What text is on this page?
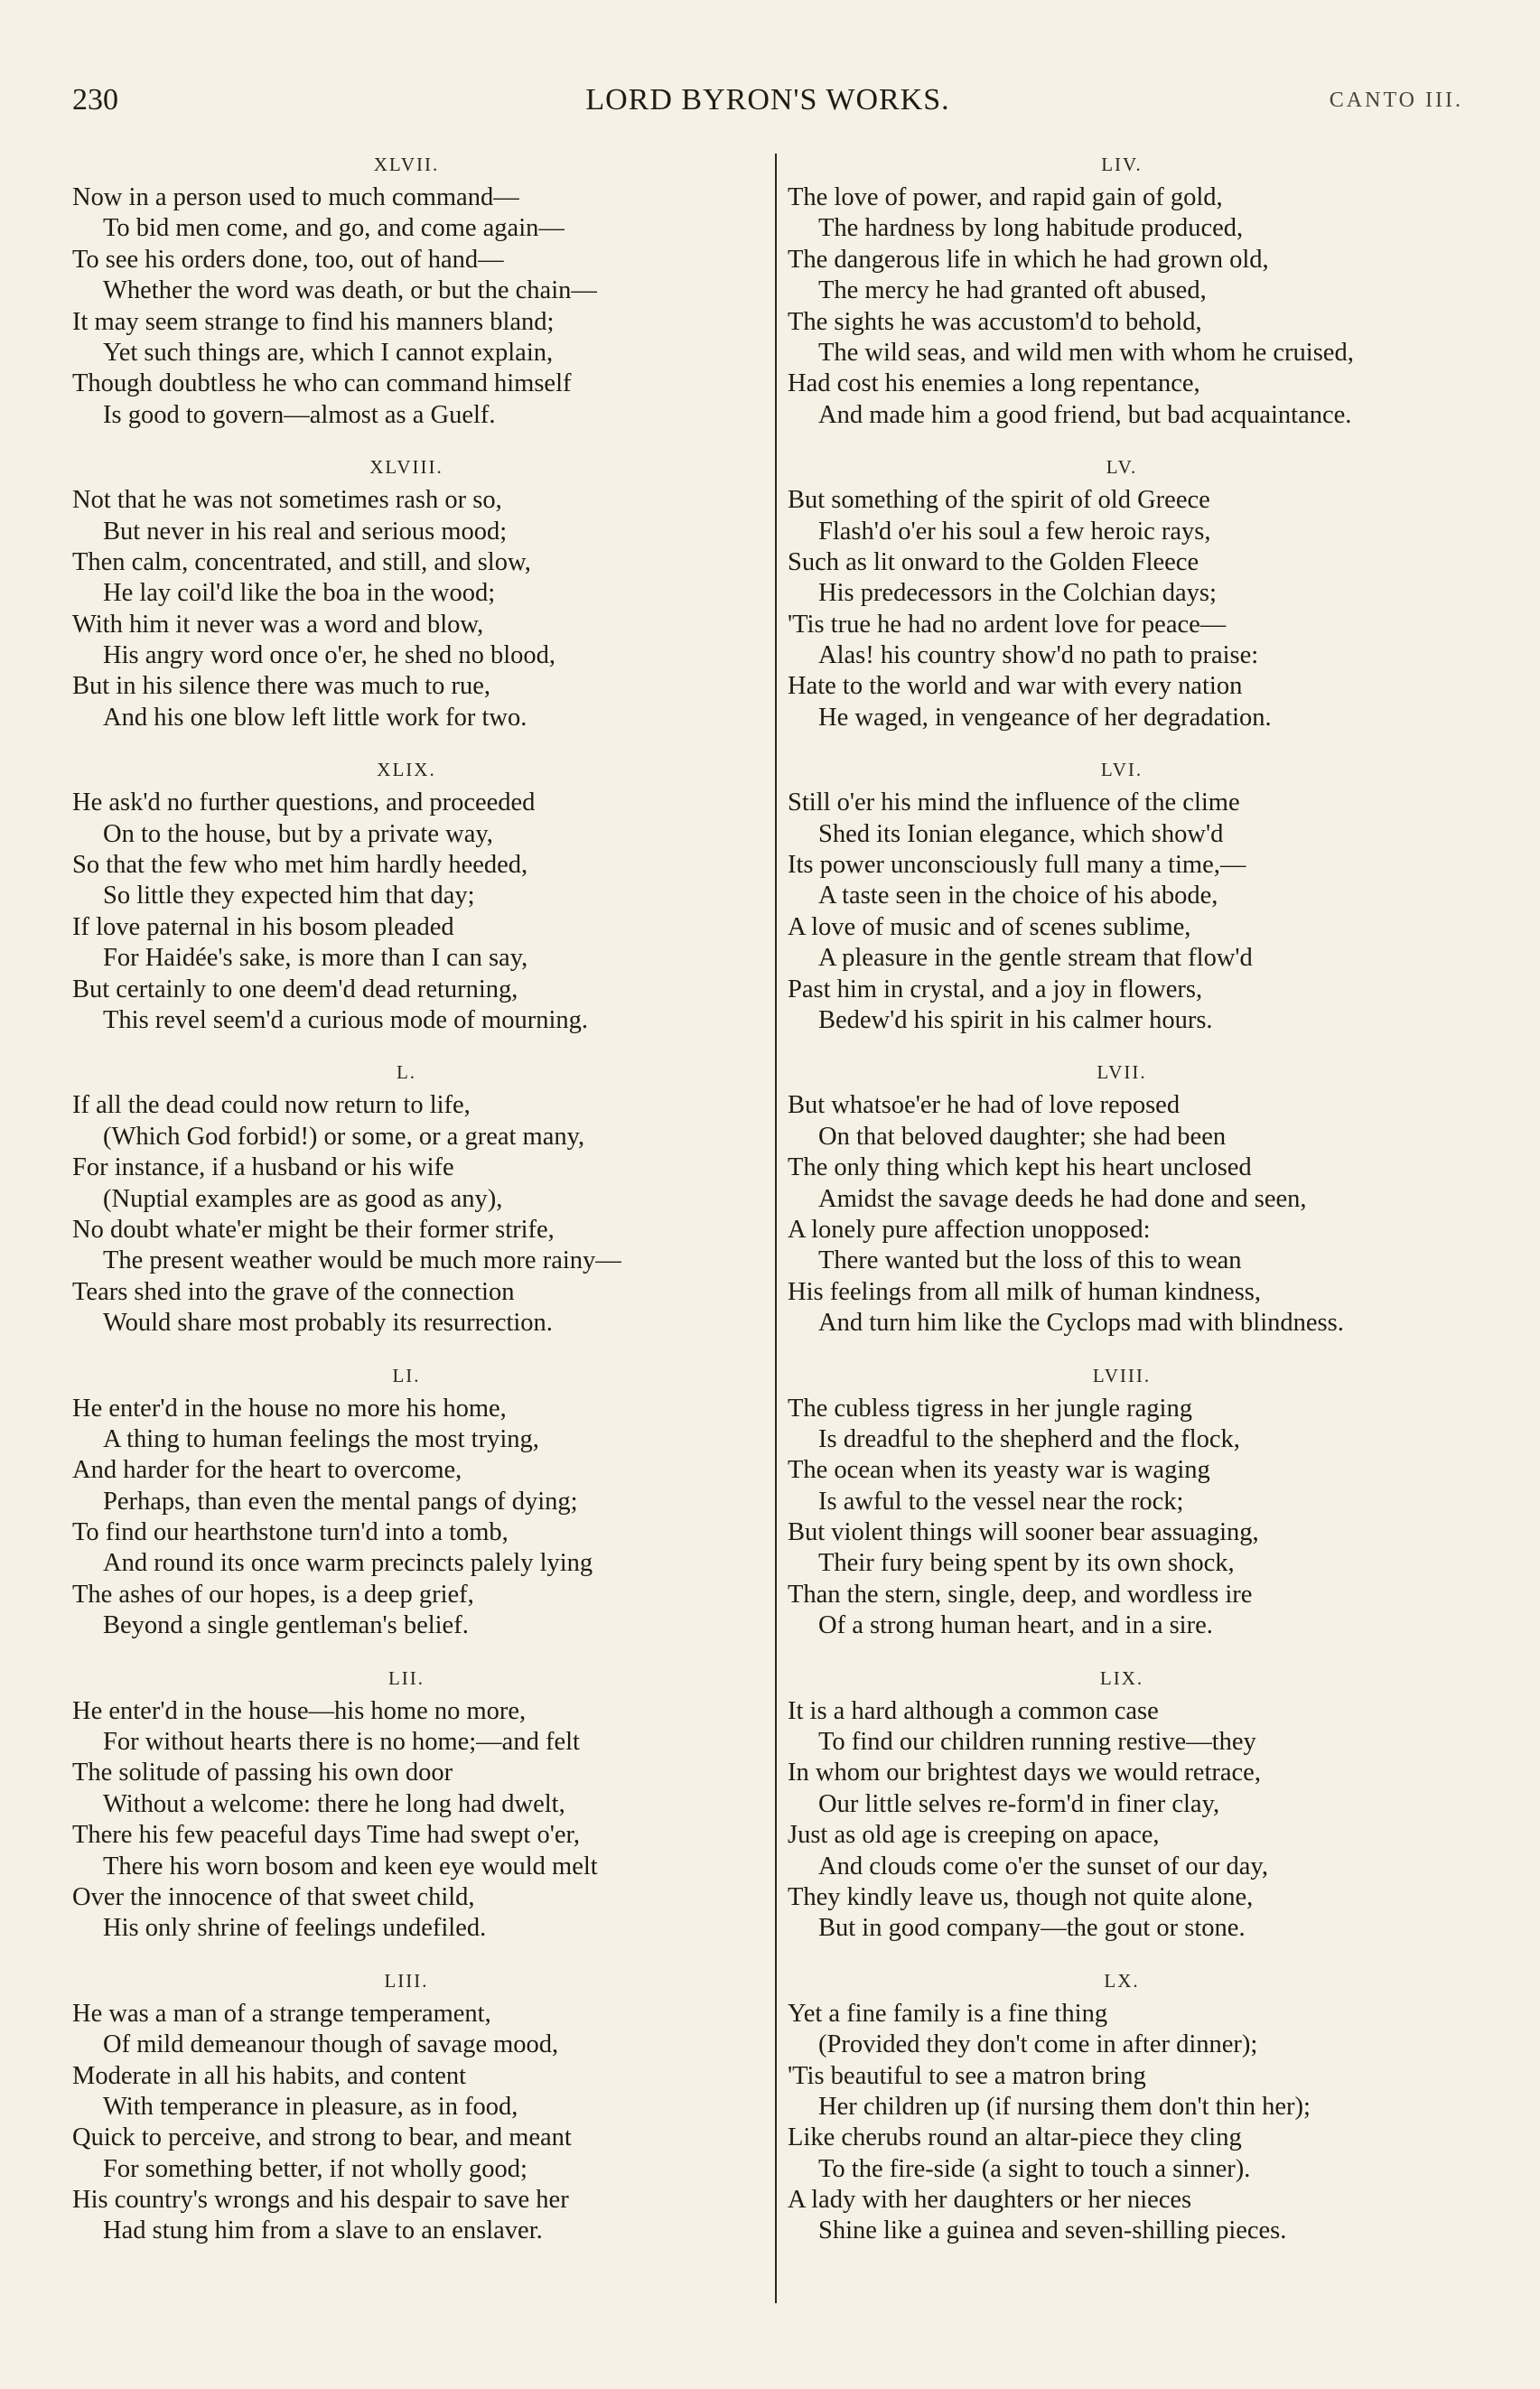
230	LORD BYRON'S WORKS.	CANTO III.
XLVII.
Now in a person used to much command—
To bid men come, and go, and come again—
To see his orders done, too, out of hand—
Whether the word was death, or but the chain—
It may seem strange to find his manners bland;
Yet such things are, which I cannot explain,
Though doubtless he who can command himself
Is good to govern—almost as a Guelf.
XLVIII.
Not that he was not sometimes rash or so,
But never in his real and serious mood;
Then calm, concentrated, and still, and slow,
He lay coil'd like the boa in the wood;
With him it never was a word and blow,
His angry word once o'er, he shed no blood,
But in his silence there was much to rue,
And his one blow left little work for two.
XLIX.
He ask'd no further questions, and proceeded
On to the house, but by a private way,
So that the few who met him hardly heeded,
So little they expected him that day;
If love paternal in his bosom pleaded
For Haidée's sake, is more than I can say,
But certainly to one deem'd dead returning,
This revel seem'd a curious mode of mourning.
L.
If all the dead could now return to life,
(Which God forbid!) or some, or a great many,
For instance, if a husband or his wife
(Nuptial examples are as good as any),
No doubt whate'er might be their former strife,
The present weather would be much more rainy—
Tears shed into the grave of the connection
Would share most probably its resurrection.
LI.
He enter'd in the house no more his home,
A thing to human feelings the most trying,
And harder for the heart to overcome,
Perhaps, than even the mental pangs of dying;
To find our hearthstone turn'd into a tomb,
And round its once warm precincts palely lying
The ashes of our hopes, is a deep grief,
Beyond a single gentleman's belief.
LII.
He enter'd in the house—his home no more,
For without hearts there is no home;—and felt
The solitude of passing his own door
Without a welcome: there he long had dwelt,
There his few peaceful days Time had swept o'er,
There his worn bosom and keen eye would melt
Over the innocence of that sweet child,
His only shrine of feelings undefiled.
LIII.
He was a man of a strange temperament,
Of mild demeanour though of savage mood,
Moderate in all his habits, and content
With temperance in pleasure, as in food,
Quick to perceive, and strong to bear, and meant
For something better, if not wholly good;
His country's wrongs and his despair to save her
Had stung him from a slave to an enslaver.
LIV.
The love of power, and rapid gain of gold,
The hardness by long habitude produced,
The dangerous life in which he had grown old,
The mercy he had granted oft abused,
The sights he was accustom'd to behold,
The wild seas, and wild men with whom he cruised,
Had cost his enemies a long repentance,
And made him a good friend, but bad acquaintance.
LV.
But something of the spirit of old Greece
Flash'd o'er his soul a few heroic rays,
Such as lit onward to the Golden Fleece
His predecessors in the Colchian days;
'Tis true he had no ardent love for peace—
Alas! his country show'd no path to praise:
Hate to the world and war with every nation
He waged, in vengeance of her degradation.
LVI.
Still o'er his mind the influence of the clime
Shed its Ionian elegance, which show'd
Its power unconsciously full many a time,—
A taste seen in the choice of his abode,
A love of music and of scenes sublime,
A pleasure in the gentle stream that flow'd
Past him in crystal, and a joy in flowers,
Bedew'd his spirit in his calmer hours.
LVII.
But whatsoe'er he had of love reposed
On that beloved daughter; she had been
The only thing which kept his heart unclosed
Amidst the savage deeds he had done and seen,
A lonely pure affection unopposed:
There wanted but the loss of this to wean
His feelings from all milk of human kindness,
And turn him like the Cyclops mad with blindness.
LVIII.
The cubless tigress in her jungle raging
Is dreadful to the shepherd and the flock,
The ocean when its yeasty war is waging
Is awful to the vessel near the rock;
But violent things will sooner bear assuaging,
Their fury being spent by its own shock,
Than the stern, single, deep, and wordless ire
Of a strong human heart, and in a sire.
LIX.
It is a hard although a common case
To find our children running restive—they
In whom our brightest days we would retrace,
Our little selves re-form'd in finer clay,
Just as old age is creeping on apace,
And clouds come o'er the sunset of our day,
They kindly leave us, though not quite alone,
But in good company—the gout or stone.
LX.
Yet a fine family is a fine thing
(Provided they don't come in after dinner);
'Tis beautiful to see a matron bring
Her children up (if nursing them don't thin her);
Like cherubs round an altar-piece they cling
To the fire-side (a sight to touch a sinner).
A lady with her daughters or her nieces
Shine like a guinea and seven-shilling pieces.
